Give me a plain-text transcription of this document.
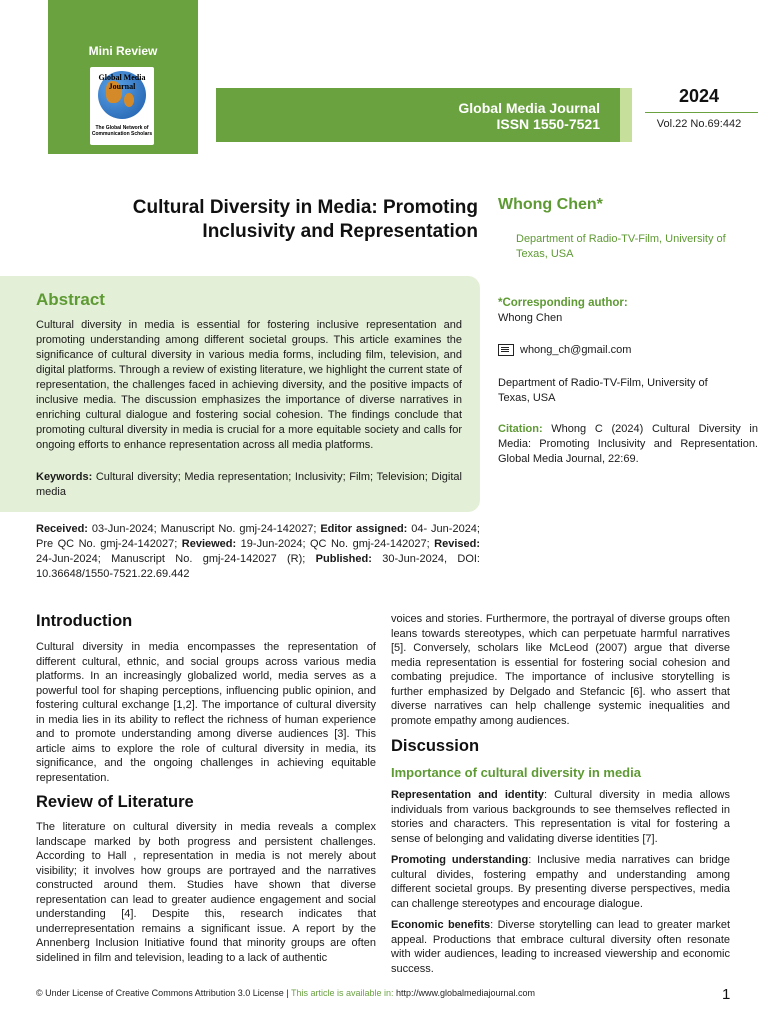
Mini Review
Global Media Journal
The Global Network of Communication Scholars
Global Media Journal
ISSN 1550-7521
2024
Vol.22 No.69:442
Cultural Diversity in Media: Promoting
Inclusivity and Representation
Whong Chen*
Department of Radio-TV-Film, University of Texas, USA
Abstract
Cultural diversity in media is essential for fostering inclusive representation and promoting understanding among different societal groups. This article examines the significance of cultural diversity in various media forms, including film, television, and digital platforms. Through a review of existing literature, we highlight the current state of representation, the challenges faced in achieving diversity, and the positive impacts of inclusive media. The discussion emphasizes the importance of diverse narratives in enriching cultural dialogue and fostering social cohesion. The findings conclude that promoting cultural diversity in media is crucial for a more equitable society and calls for ongoing efforts to enhance representation across all media platforms.
Keywords: Cultural diversity; Media representation; Inclusivity; Film; Television; Digital media
*Corresponding author:
Whong Chen
whong_ch@gmail.com
Department of Radio-TV-Film, University of Texas, USA
Citation: Whong C (2024) Cultural Diversity in Media: Promoting Inclusivity and Representation. Global Media Journal, 22:69.
Received: 03-Jun-2024; Manuscript No. gmj-24-142027; Editor assigned: 04- Jun-2024; Pre QC No. gmj-24-142027; Reviewed: 19-Jun-2024; QC No. gmj-24-142027; Revised: 24-Jun-2024; Manuscript No. gmj-24-142027 (R); Published: 30-Jun-2024, DOI: 10.36648/1550-7521.22.69.442
Introduction
Cultural diversity in media encompasses the representation of different cultural, ethnic, and social groups across various media platforms. In an increasingly globalized world, media serves as a powerful tool for shaping perceptions, influencing public opinion, and fostering cultural exchange [1,2]. The importance of cultural diversity in media lies in its ability to reflect the richness of human experience and to promote understanding among diverse audiences [3]. This article aims to explore the role of cultural diversity in media, its significance, and the ongoing challenges in achieving equitable representation.
Review of Literature
The literature on cultural diversity in media reveals a complex landscape marked by both progress and persistent challenges. According to Hall , representation in media is not merely about visibility; it involves how groups are portrayed and the narratives constructed around them. Studies have shown that diverse representation can lead to greater audience engagement and social understanding [4]. Despite this, research indicates that underrepresentation remains a significant issue. A report by the Annenberg Inclusion Initiative found that minority groups are often sidelined in film and television, leading to a lack of authentic
voices and stories. Furthermore, the portrayal of diverse groups often leans towards stereotypes, which can perpetuate harmful narratives [5]. Conversely, scholars like McLeod (2007) argue that diverse media representation is essential for fostering social cohesion and combating prejudice. The importance of inclusive storytelling is further emphasized by Delgado and Stefancic [6]. who assert that diverse narratives can help challenge systemic inequalities and promote empathy among audiences.
Discussion
Importance of cultural diversity in media
Representation and identity: Cultural diversity in media allows individuals from various backgrounds to see themselves reflected in stories and characters. This representation is vital for fostering a sense of belonging and validating diverse identities [7].
Promoting understanding: Inclusive media narratives can bridge cultural divides, fostering empathy and understanding among different societal groups. By presenting diverse perspectives, media can challenge stereotypes and encourage dialogue.
Economic benefits: Diverse storytelling can lead to greater market appeal. Productions that embrace cultural diversity often resonate with wider audiences, leading to increased viewership and economic success.
© Under License of Creative Commons Attribution 3.0 License | This article is available in: http://www.globalmediajournal.com	1
